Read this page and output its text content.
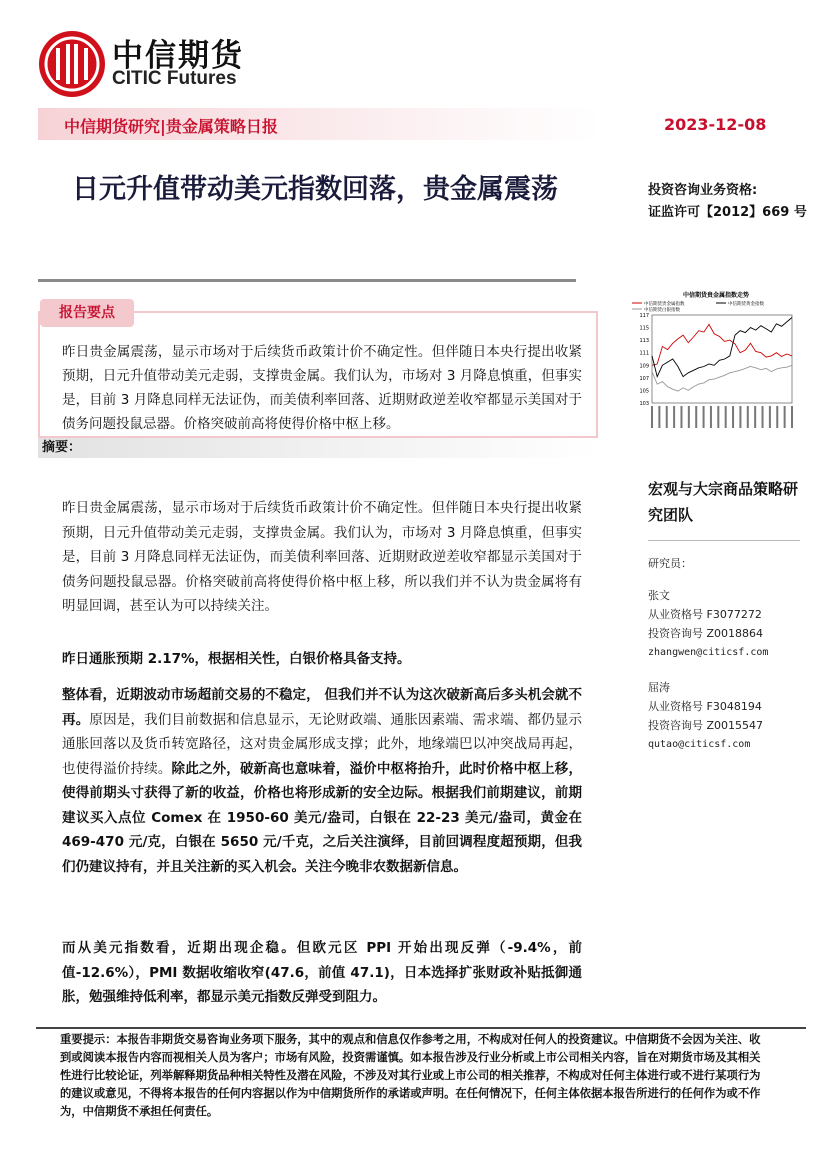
中信期货
CITIC Futures
中信期货研究|贵金属策略日报	2023-12-08
日元升值带动美元指数回落，贵金属震荡	投资咨询业务资格:
证监许可【2012】669 号
报告要点
昨日贵金属震荡，显示市场对于后续货币政策计价不确定性。但伴随日本央行提出收紧预期，日元升值带动美元走弱，支撑贵金属。我们认为，市场对 3 月降息慎重，但事实是，目前 3 月降息同样无法证伪，而美债利率回落、近期财政逆差收窄都显示美国对于债务问题投鼠忌器。价格突破前高将使得价格中枢上移。
中信期货贵金属指数走势
中信期货贵金属指数	中信期货黄金指数
中信期货白银指数
117
115
113
111
109
107
105
103
摘要：
昨日贵金属震荡，显示市场对于后续货币政策计价不确定性。但伴随日本央行提出收紧预期，日元升值带动美元走弱，支撑贵金属。我们认为，市场对 3 月降息慎重，但事实是，目前 3 月降息同样无法证伪，而美债利率回落、近期财政逆差收窄都显示美国对于债务问题投鼠忌器。价格突破前高将使得价格中枢上移，所以我们并不认为贵金属将有明显回调，甚至认为可以持续关注。
昨日通胀预期 2.17%，根据相关性，白银价格具备支持。
整体看，近期波动市场超前交易的不稳定， 但我们并不认为这次破新高后多头机会就不再。原因是，我们目前数据和信息显示，无论财政端、通胀因素端、需求端、都仍显示通胀回落以及货币转宽路径，这对贵金属形成支撑；此外，地缘端巴以冲突战局再起，也使得溢价持续。除此之外，破新高也意味着，溢价中枢将抬升，此时价格中枢上移，使得前期头寸获得了新的收益，价格也将形成新的安全边际。根据我们前期建议，前期建议买入点位 Comex 在 1950-60 美元/盎司，白银在 22-23 美元/盎司，黄金在 469-470 元/克，白银在 5650 元/千克，之后关注演绎，目前回调程度超预期，但我们仍建议持有，并且关注新的买入机会。关注今晚非农数据新信息。
而从美元指数看，近期出现企稳。但欧元区 PPI 开始出现反弹（-9.4%，前值-12.6%），PMI 数据收缩收窄(47.6，前值 47.1)，日本选择扩张财政补贴抵御通胀，勉强维持低利率，都显示美元指数反弹受到阻力。
宏观与大宗商品策略研究团队
研究员：
张文
从业资格号 F3077272
投资咨询号 Z0018864
zhangwen@citicsf.com
屈涛
从业资格号 F3048194
投资咨询号 Z0015547
qutao@citicsf.com
重要提示：本报告非期货交易咨询业务项下服务，其中的观点和信息仅作参考之用，不构成对任何人的投资建议。中信期货不会因为关注、收到或阅读本报告内容而视相关人员为客户；市场有风险，投资需谨慎。如本报告涉及行业分析或上市公司相关内容，旨在对期货市场及其相关性进行比较论证，列举解释期货品种相关特性及潜在风险，不涉及对其行业或上市公司的相关推荐，不构成对任何主体进行或不进行某项行为的建议或意见，不得将本报告的任何内容据以作为中信期货所作的承诺或声明。在任何情况下，任何主体依据本报告所进行的任何作为或不作为，中信期货不承担任何责任。
